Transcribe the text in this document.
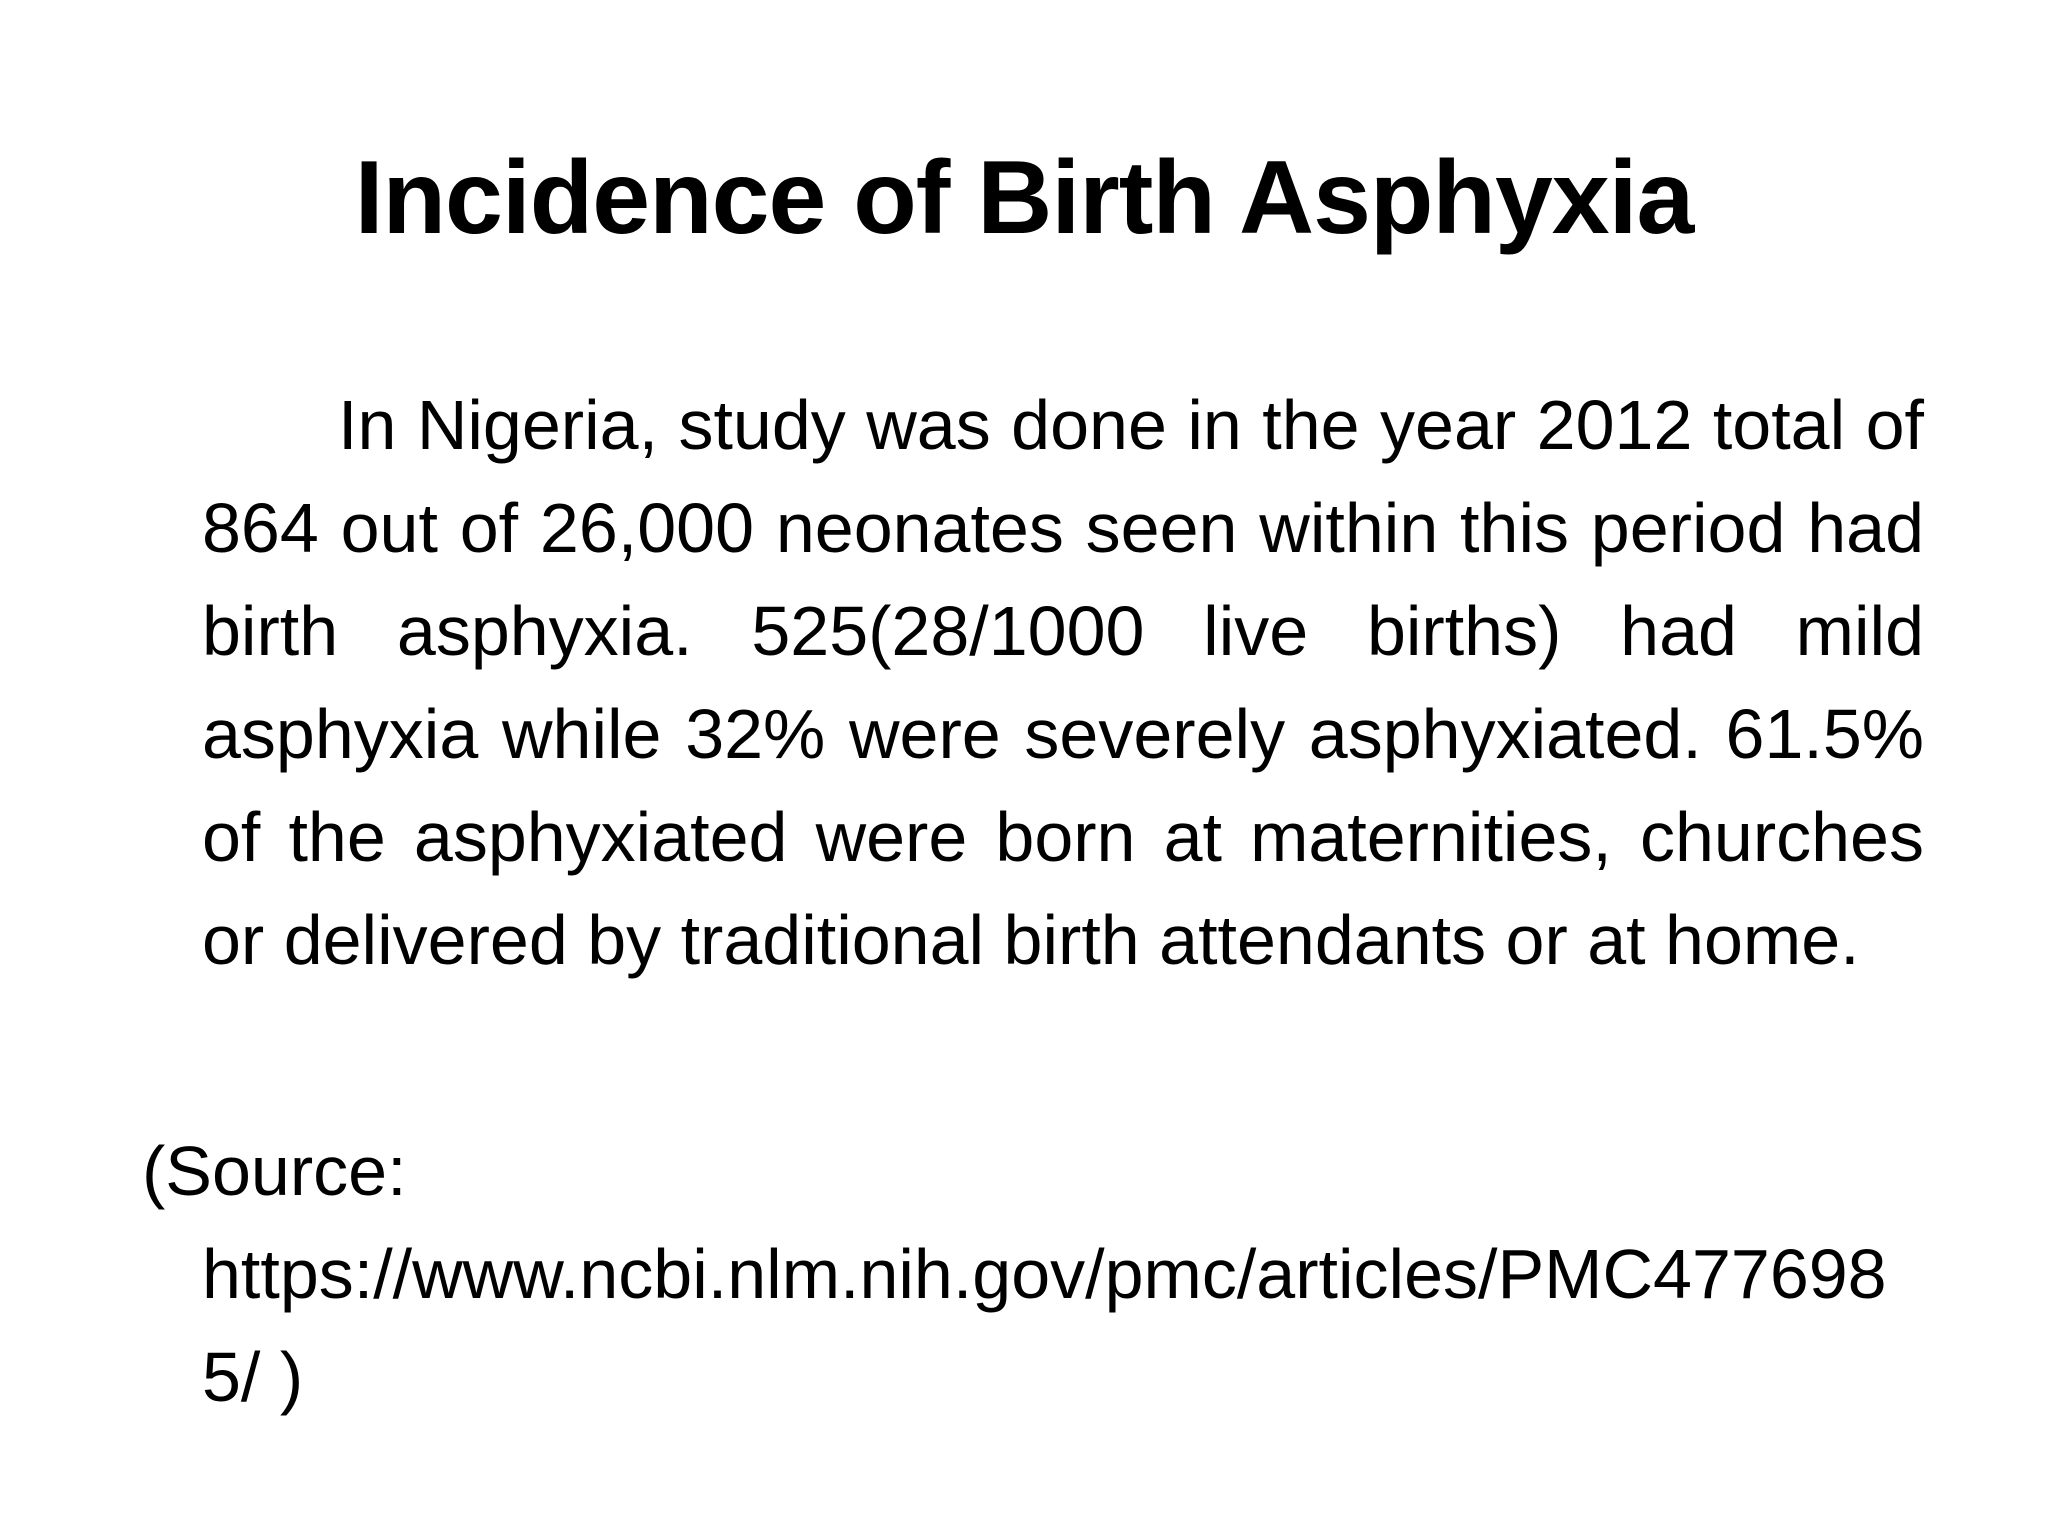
Incidence of Birth Asphyxia

In Nigeria, study was done in the year 2012 total of 864 out of 26,000 neonates seen within this period had birth asphyxia. 525(28/1000 live births) had mild asphyxia while 32% were severely asphyxiated. 61.5% of the asphyxiated were born at maternities, churches or delivered by traditional birth attendants or at home.

(Source:
https://www.ncbi.nlm.nih.gov/pmc/articles/PMC4776985/ )
